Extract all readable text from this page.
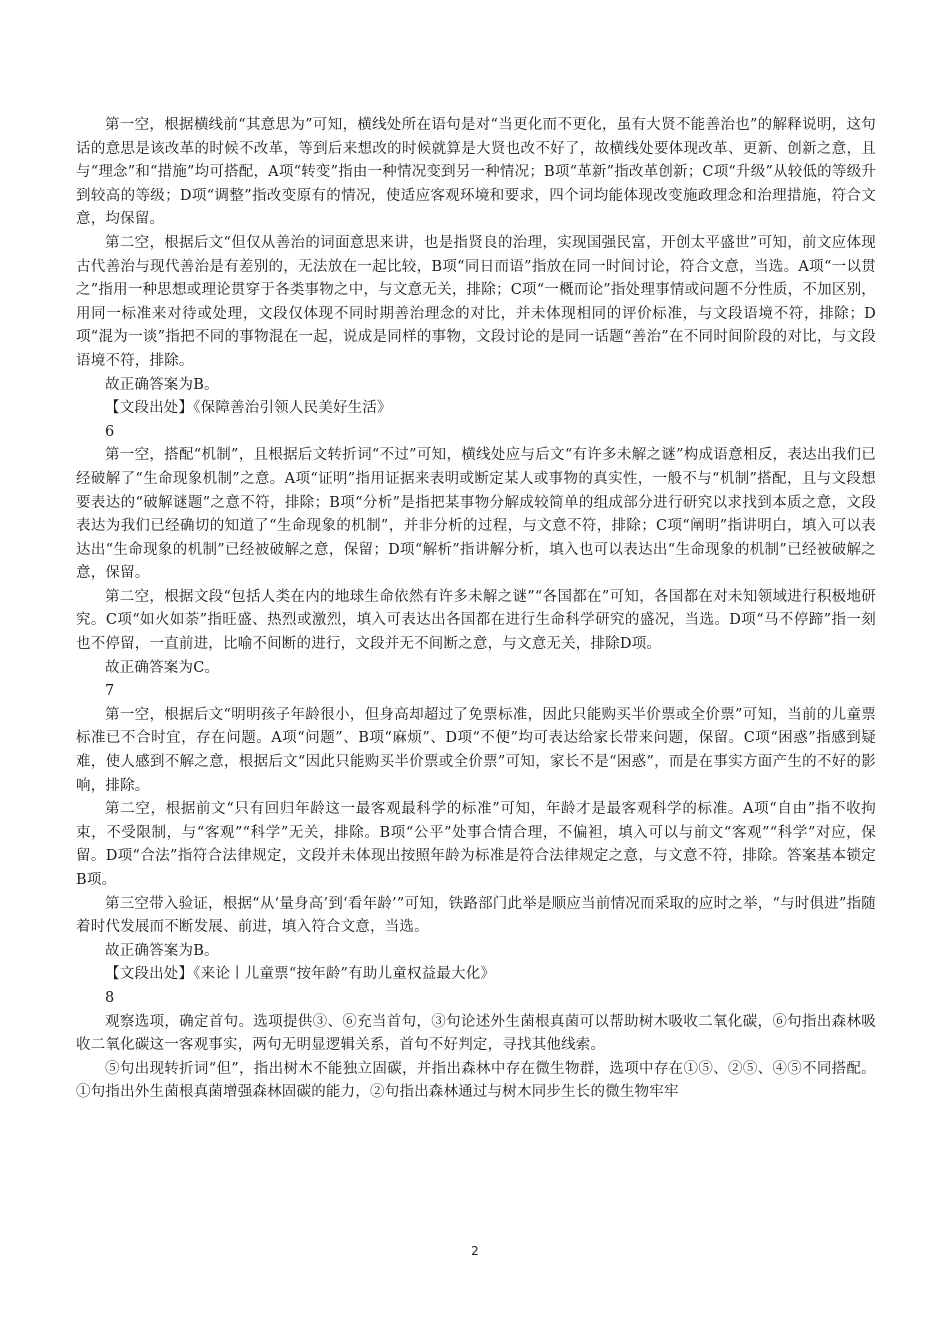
第一空，根据横线前“其意思为”可知，横线处所在语句是对“当更化而不更化，虽有大贤不能善治也”的解释说明，这句话的意思是该改革的时候不改革，等到后来想改的时候就算是大贤也改不好了，故横线处要体现改革、更新、创新之意，且与“理念”和“措施”均可搭配，A项“转变”指由一种情况变到另一种情况；B项“革新”指改革创新；C项“升级”从较低的等级升到较高的等级；D项“调整”指改变原有的情况，使适应客观环境和要求，四个词均能体现改变施政理念和治理措施，符合文意，均保留。

第二空，根据后文“但仅从善治的词面意思来讲，也是指贤良的治理，实现国强民富，开创太平盛世”可知，前文应体现古代善治与现代善治是有差别的，无法放在一起比较，B项“同日而语”指放在同一时间讨论，符合文意，当选。A项“一以贯之”指用一种思想或理论贯穿于各类事物之中，与文意无关，排除；C项“一概而论”指处理事情或问题不分性质，不加区别，用同一标准来对待或处理，文段仅体现不同时期善治理念的对比，并未体现相同的评价标准，与文段语境不符，排除；D项“混为一谈”指把不同的事物混在一起，说成是同样的事物，文段讨论的是同一话题“善治”在不同时间阶段的对比，与文段语境不符，排除。

故正确答案为B。

【文段出处】《保障善治引领人民美好生活》

6

第一空，搭配“机制”，且根据后文转折词“不过”可知，横线处应与后文“有许多未解之谜”构成语意相反，表达出我们已经破解了“生命现象机制”之意。A项“证明”指用证据来表明或断定某人或事物的真实性，一般不与“机制”搭配，且与文段想要表达的“破解谜题”之意不符，排除；B项“分析”是指把某事物分解成较简单的组成部分进行研究以求找到本质之意，文段表达为我们已经确切的知道了“生命现象的机制”，并非分析的过程，与文意不符，排除；C项“阐明”指讲明白，填入可以表达出“生命现象的机制”已经被破解之意，保留；D项“解析”指讲解分析，填入也可以表达出“生命现象的机制”已经被破解之意，保留。

第二空，根据文段“包括人类在内的地球生命依然有许多未解之谜”“各国都在”可知，各国都在对未知领域进行积极地研究。C项“如火如荼”指旺盛、热烈或激烈，填入可表达出各国都在进行生命科学研究的盛况，当选。D项“马不停蹄”指一刻也不停留，一直前进，比喻不间断的进行，文段并无不间断之意，与文意无关，排除D项。

故正确答案为C。

7

第一空，根据后文“明明孩子年龄很小，但身高却超过了免票标准，因此只能购买半价票或全价票”可知，当前的儿童票标准已不合时宜，存在问题。A项“问题”、B项“麻烦”、D项“不便”均可表达给家长带来问题，保留。C项“困惑”指感到疑难，使人感到不解之意，根据后文“因此只能购买半价票或全价票”可知，家长不是“困惑”，而是在事实方面产生的不好的影响，排除。

第二空，根据前文“只有回归年龄这一最客观最科学的标准”可知，年龄才是最客观科学的标准。A项“自由”指不收拘束，不受限制，与“客观”“科学”无关，排除。B项“公平”处事合情合理，不偏袒，填入可以与前文“客观”“科学”对应，保留。D项“合法”指符合法律规定，文段并未体现出按照年龄为标准是符合法律规定之意，与文意不符，排除。答案基本锁定B项。

第三空带入验证，根据“从‘量身高’到‘看年龄’”可知，铁路部门此举是顺应当前情况而采取的应时之举，“与时俱进”指随着时代发展而不断发展、前进，填入符合文意，当选。

故正确答案为B。

【文段出处】《来论丨儿童票“按年龄”有助儿童权益最大化》

8

观察选项，确定首句。选项提供③、⑥充当首句，③句论述外生菌根真菌可以帮助树木吸收二氧化碳，⑥句指出森林吸收二氧化碳这一客观事实，两句无明显逻辑关系，首句不好判定，寻找其他线索。

⑤句出现转折词“但”，指出树木不能独立固碳，并指出森林中存在微生物群，选项中存在①⑤、②⑤、④⑤不同搭配。①句指出外生菌根真菌增强森林固碳的能力，②句指出森林通过与树木同步生长的微生物牢牢

2
